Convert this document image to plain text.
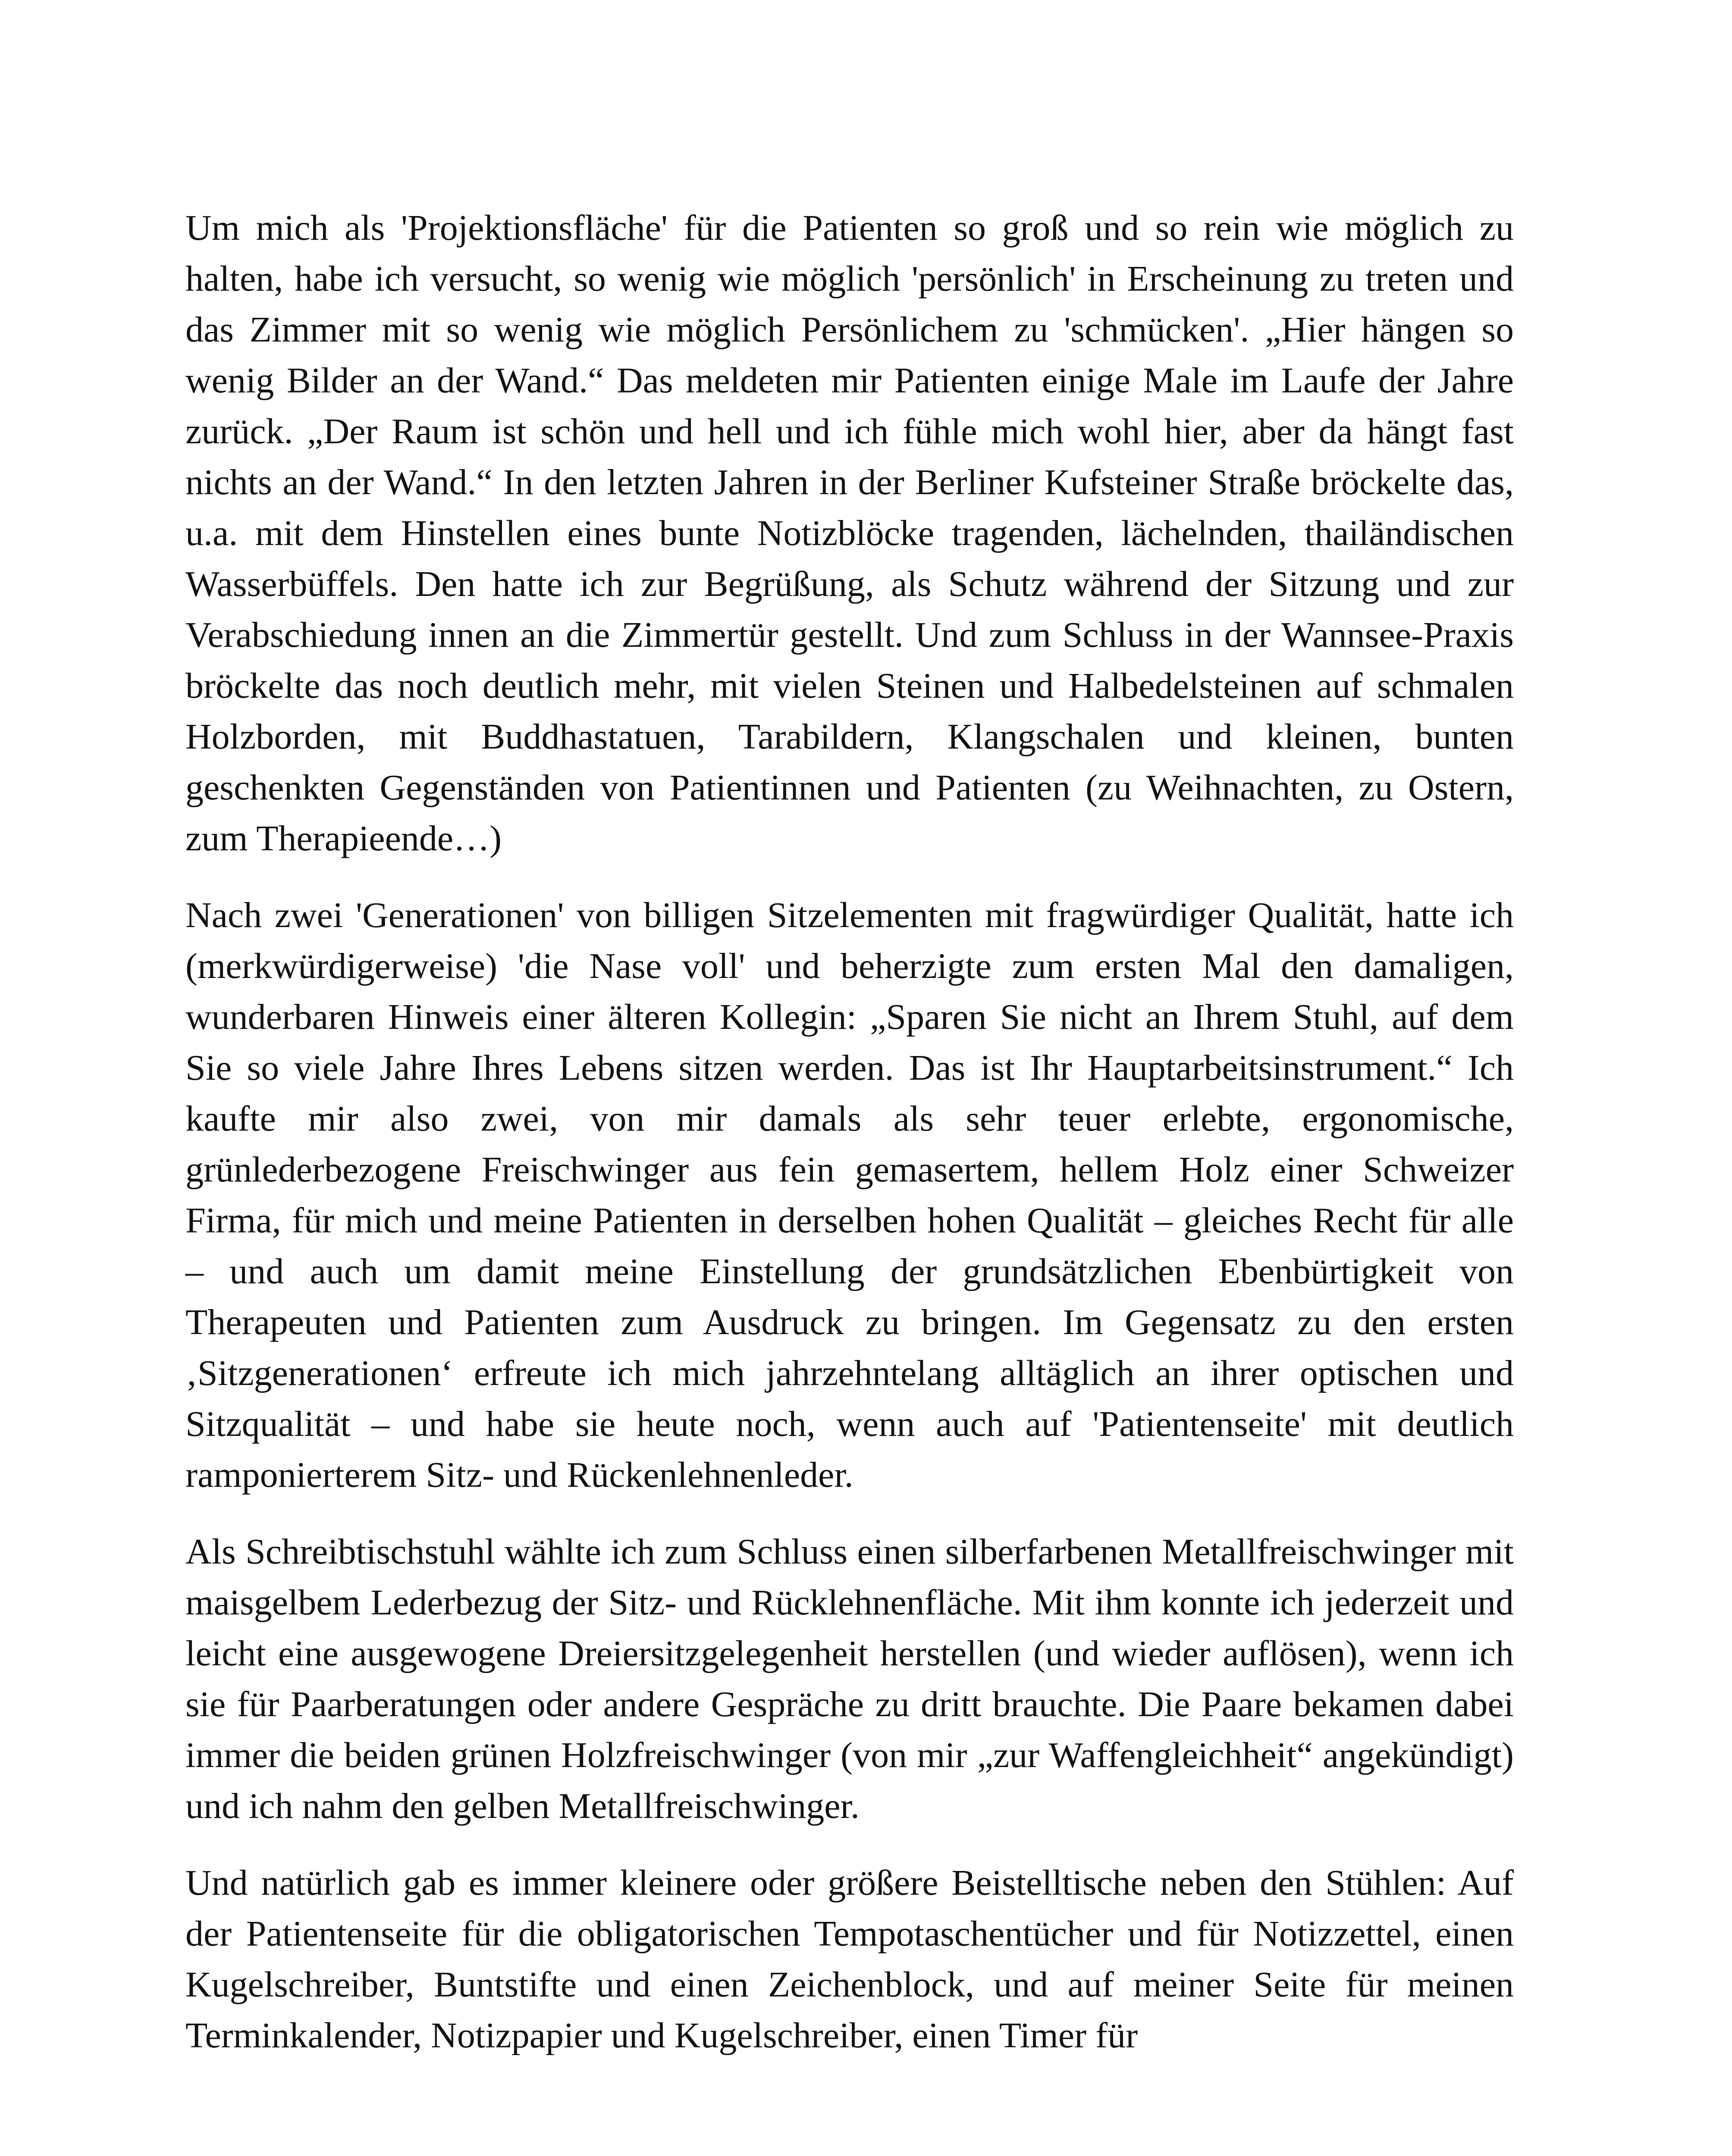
Um mich als 'Projektionsfläche' für die Patienten so groß und so rein wie möglich zu halten, habe ich versucht, so wenig wie möglich 'persönlich' in Erscheinung zu treten und das Zimmer mit so wenig wie möglich Persönlichem zu 'schmücken'. „Hier hängen so wenig Bilder an der Wand.“ Das meldeten mir Patienten einige Male im Laufe der Jahre zurück. „Der Raum ist schön und hell und ich fühle mich wohl hier, aber da hängt fast nichts an der Wand.“ In den letzten Jahren in der Berliner Kufsteiner Straße bröckelte das, u.a. mit dem Hinstellen eines bunte Notizblöcke tragenden, lächelnden, thailändischen Wasserbüffels. Den hatte ich zur Begrüßung, als Schutz während der Sitzung und zur Verabschiedung innen an die Zimmertür gestellt. Und zum Schluss in der Wannsee-Praxis bröckelte das noch deutlich mehr, mit vielen Steinen und Halbedelsteinen auf schmalen Holzborden, mit Buddhastatuen, Tarabildern, Klangschalen und kleinen, bunten geschenkten Gegenständen von Patientinnen und Patienten (zu Weihnachten, zu Ostern, zum Therapieende…)

Nach zwei 'Generationen' von billigen Sitzelementen mit fragwürdiger Qualität, hatte ich (merkwürdigerweise) 'die Nase voll' und beherzigte zum ersten Mal den damaligen, wunderbaren Hinweis einer älteren Kollegin: „Sparen Sie nicht an Ihrem Stuhl, auf dem Sie so viele Jahre Ihres Lebens sitzen werden. Das ist Ihr Hauptarbeitsinstrument.“ Ich kaufte mir also zwei, von mir damals als sehr teuer erlebte, ergonomische, grünlederbezogene Freischwinger aus fein gemasertem, hellem Holz einer Schweizer Firma, für mich und meine Patienten in derselben hohen Qualität – gleiches Recht für alle – und auch um damit meine Einstellung der grundsätzlichen Ebenbürtigkeit von Therapeuten und Patienten zum Ausdruck zu bringen. Im Gegensatz zu den ersten ‚Sitzgenerationen‘ erfreute ich mich jahrzehntelang alltäglich an ihrer optischen und Sitzqualität – und habe sie heute noch, wenn auch auf 'Patientenseite' mit deutlich ramponierterem Sitz- und Rückenlehnenleder.

Als Schreibtischstuhl wählte ich zum Schluss einen silberfarbenen Metallfreischwinger mit maisgelbem Lederbezug der Sitz- und Rücklehnenfläche. Mit ihm konnte ich jederzeit und leicht eine ausgewogene Dreiersitzgelegenheit herstellen (und wieder auflösen), wenn ich sie für Paarberatungen oder andere Gespräche zu dritt brauchte. Die Paare bekamen dabei immer die beiden grünen Holzfreischwinger (von mir „zur Waffengleichheit“ angekündigt) und ich nahm den gelben Metallfreischwinger.

Und natürlich gab es immer kleinere oder größere Beistelltische neben den Stühlen: Auf der Patientenseite für die obligatorischen Tempotaschentücher und für Notizzettel, einen Kugelschreiber, Buntstifte und einen Zeichenblock, und auf meiner Seite für meinen Terminkalender, Notizpapier und Kugelschreiber, einen Timer für
